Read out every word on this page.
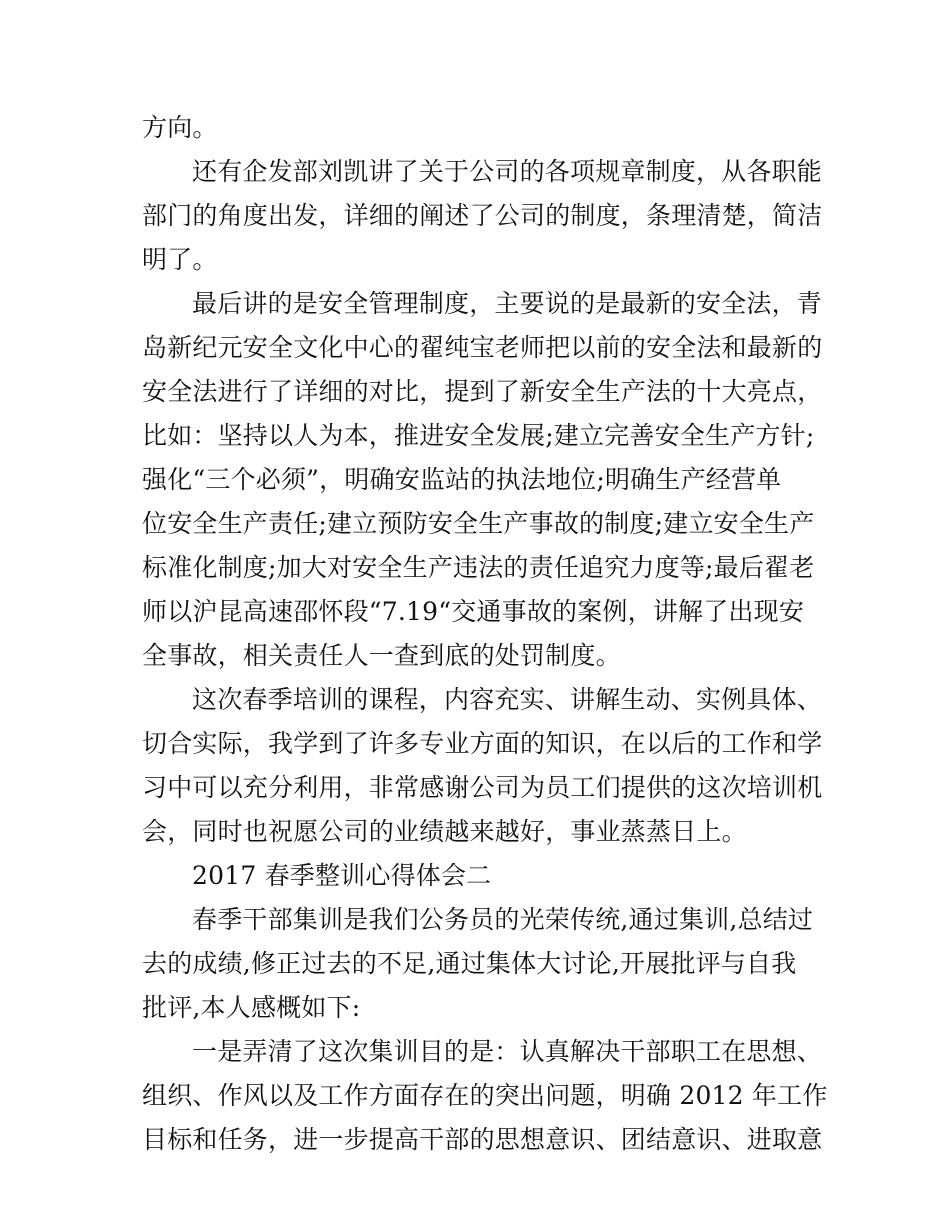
方向。
还有企发部刘凯讲了关于公司的各项规章制度，从各职能
部门的角度出发，详细的阐述了公司的制度，条理清楚，简洁
明了。
最后讲的是安全管理制度，主要说的是最新的安全法，青
岛新纪元安全文化中心的翟纯宝老师把以前的安全法和最新的
安全法进行了详细的对比，提到了新安全生产法的十大亮点，
比如：坚持以人为本，推进安全发展;建立完善安全生产方针;
强化“三个必须”，明确安监站的执法地位;明确生产经营单
位安全生产责任;建立预防安全生产事故的制度;建立安全生产
标准化制度;加大对安全生产违法的责任追究力度等;最后翟老
师以沪昆高速邵怀段“7.19“交通事故的案例，讲解了出现安
全事故，相关责任人一查到底的处罚制度。
这次春季培训的课程，内容充实、讲解生动、实例具体、
切合实际，我学到了许多专业方面的知识，在以后的工作和学
习中可以充分利用，非常感谢公司为员工们提供的这次培训机
会，同时也祝愿公司的业绩越来越好，事业蒸蒸日上。
2017 春季整训心得体会二
春季干部集训是我们公务员的光荣传统,通过集训,总结过
去的成绩,修正过去的不足,通过集体大讨论,开展批评与自我
批评,本人感概如下:
一是弄清了这次集训目的是：认真解决干部职工在思想、
组织、作风以及工作方面存在的突出问题，明确 2012 年工作
目标和任务，进一步提高干部的思想意识、团结意识、进取意
